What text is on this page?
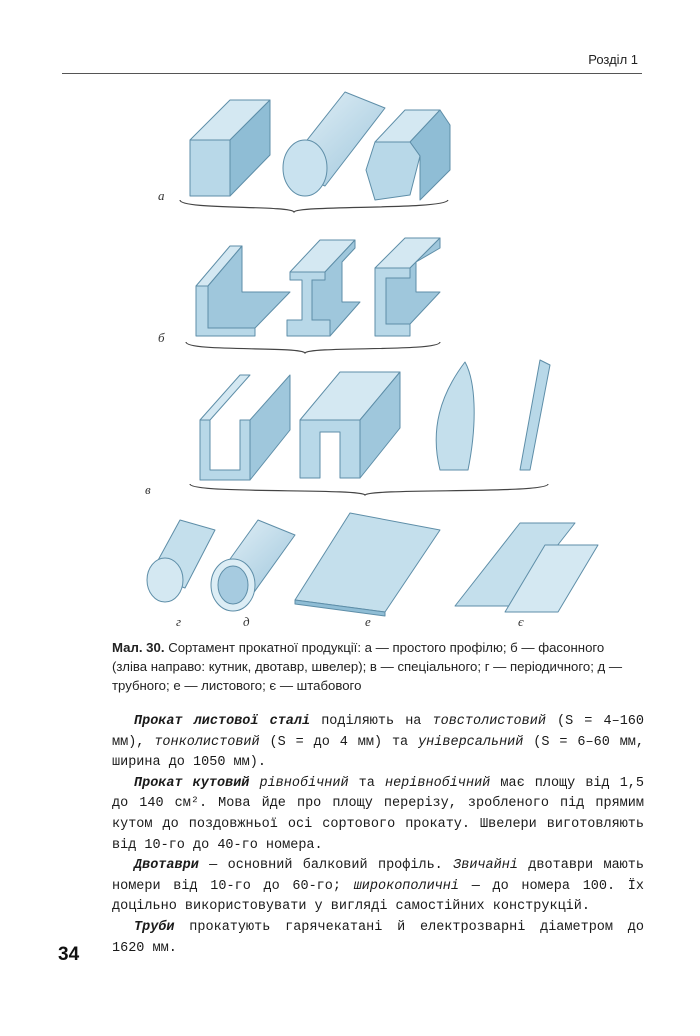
Розділ 1
а
б
в
г	д	е	є
Мал. 30. Сортамент прокатної продукції: а — простого профілю; б — фасонного (зліва направо: кутник, двотавр, швелер); в — спеціального; г — періодичного; д — трубного; е — листового; є — штабового

Прокат листової сталі поділяють на товстолистовий (S = 4–160 мм), тонколистовий (S = до 4 мм) та універсальний (S = 6–60 мм, ширина до 1050 мм).

Прокат кутовий рівнобічний та нерівнобічний має площу від 1,5 до 140 см². Мова йде про площу перерізу, зробленого під прямим кутом до поздовжньої осі сортового прокату. Швелери виготовляють від 10-го до 40-го номера.

Двотаври — основний балковий профіль. Звичайні двотаври мають номери від 10-го до 60-го; широкополичні — до номера 100. Їх доцільно використовувати у вигляді самостійних конструкцій.

Труби прокатують гарячекатані й електрозварні діаметром до 1620 мм.

34
